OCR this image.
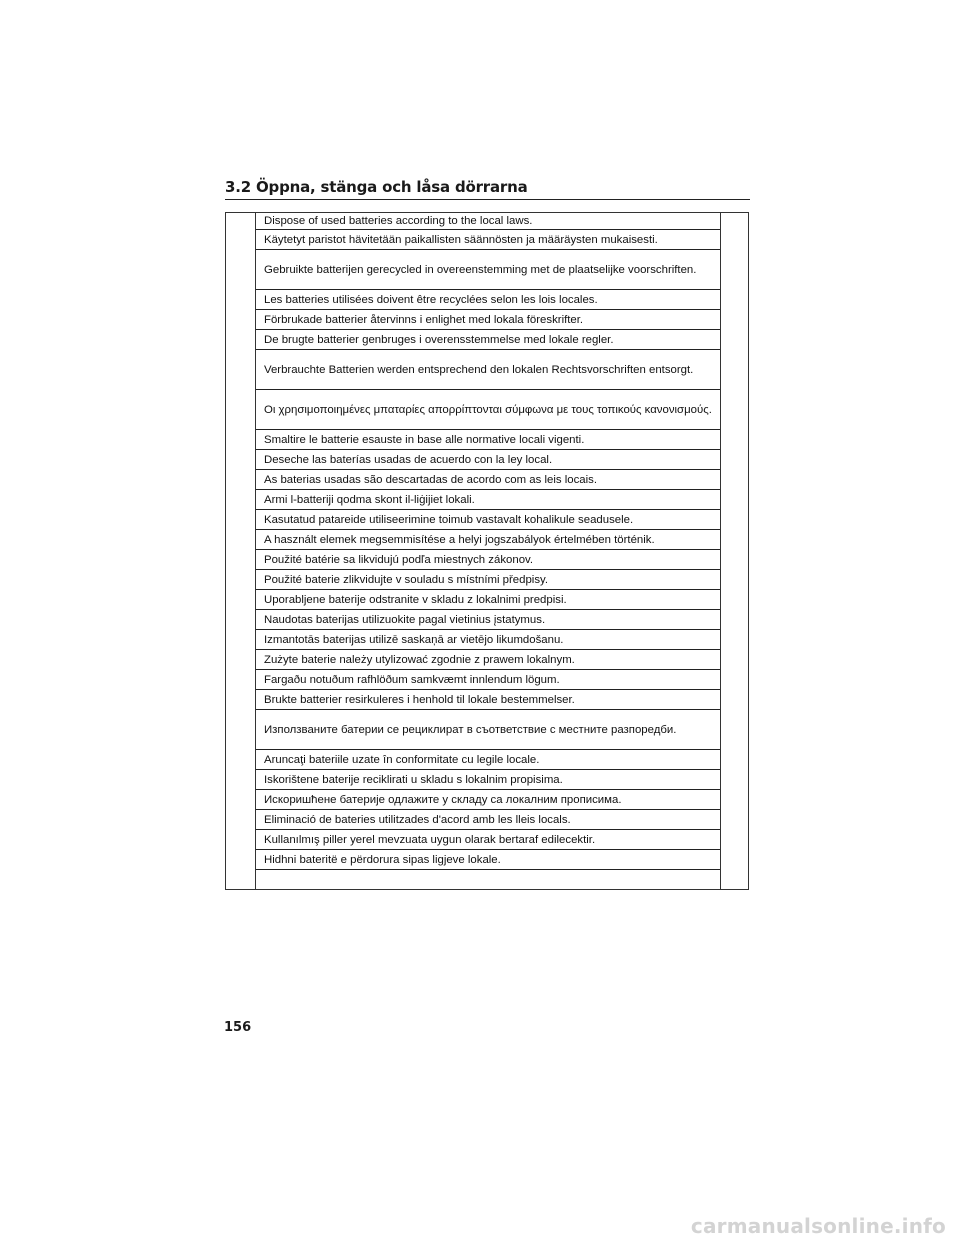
3.2 Öppna, stänga och låsa dörrarna
Dispose of used batteries according to the local laws.
Käytetyt paristot hävitetään paikallisten säännösten ja määräysten mukaisesti.
Gebruikte batterijen gerecycled in overeenstemming met de plaatselijke voorschriften.
Les batteries utilisées doivent être recyclées selon les lois locales.
Förbrukade batterier återvinns i enlighet med lokala föreskrifter.
De brugte batterier genbruges i overensstemmelse med lokale regler.
Verbrauchte Batterien werden entsprechend den lokalen Rechtsvorschriften entsorgt.
Οι χρησιμοποιημένες μπαταρίες απορρίπτονται σύμφωνα με τους τοπικούς κανονισμούς.
Smaltire le batterie esauste in base alle normative locali vigenti.
Deseche las baterías usadas de acuerdo con la ley local.
As baterias usadas são descartadas de acordo com as leis locais.
Armi l-batteriji qodma skont il-liġijiet lokali.
Kasutatud patareide utiliseerimine toimub vastavalt kohalikule seadusele.
A használt elemek megsemmisítése a helyi jogszabályok értelmében történik.
Použité batérie sa likvidujú podľa miestnych zákonov.
Použité baterie zlikvidujte v souladu s místními předpisy.
Uporabljene baterije odstranite v skladu z lokalnimi predpisi.
Naudotas baterijas utilizuokite pagal vietinius įstatymus.
Izmantotās baterijas utilizē saskaņā ar vietējo likumdošanu.
Zużyte baterie należy utylizować zgodnie z prawem lokalnym.
Fargaðu notuðum rafhlöðum samkvæmt innlendum lögum.
Brukte batterier resirkuleres i henhold til lokale bestemmelser.
Използваните батерии се рециклират в съответствие с местните разпоредби.
Aruncaţi bateriile uzate în conformitate cu legile locale.
Iskorištene baterije reciklirati u skladu s lokalnim propisima.
Искоришћене батерије одлажите у складу са локалним прописима.
Eliminació de bateries utilitzades d'acord amb les lleis locals.
Kullanılmış piller yerel mevzuata uygun olarak bertaraf edilecektir.
Hidhni bateritë e përdorura sipas ligjeve lokale.
156
carmanualsonline.info
